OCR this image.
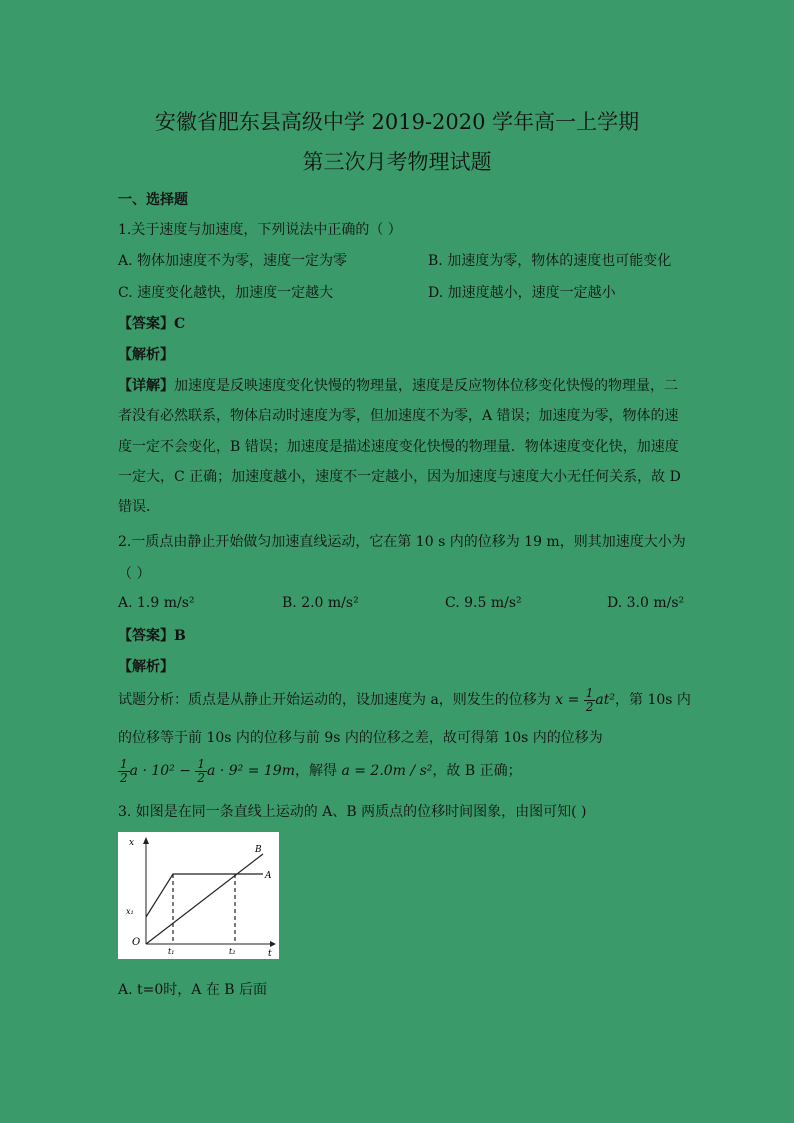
安徽省肥东县高级中学 2019-2020 学年高一上学期
第三次月考物理试题
一、选择题
1.关于速度与加速度，下列说法中正确的（ ）
A. 物体加速度不为零，速度一定为零	B. 加速度为零，物体的速度也可能变化
C. 速度变化越快，加速度一定越大	D. 加速度越小，速度一定越小
【答案】C
【解析】
【详解】加速度是反映速度变化快慢的物理量，速度是反应物体位移变化快慢的物理量，二
者没有必然联系，物体启动时速度为零，但加速度不为零，A 错误；加速度为零，物体的速
度一定不会变化，B 错误；加速度是描述速度变化快慢的物理量．物体速度变化快，加速度
一定大，C 正确；加速度越小，速度不一定越小，因为加速度与速度大小无任何关系，故 D
错误．
2.一质点由静止开始做匀加速直线运动，它在第 10 s 内的位移为 19 m，则其加速度大小为
（ ）
A. 1.9 m/s²	B. 2.0 m/s²	C. 9.5 m/s²	D. 3.0 m/s²
【答案】B
【解析】
试题分析：质点是从静止开始运动的，设加速度为 a，则发生的位移为 $x = \frac{1}{2} at^2$，第 10s 内
的位移等于前 10s 内的位移与前 9s 内的位移之差，故可得第 10s 内的位移为
$\frac{1}{2}$ $a \cdot 10^2 - \frac{1}{2}$ a · 9² = 19m，解得 a = 2.0m / s²，故 B 正确；
3. 如图是在同一条直线上运动的 A、B 两质点的位移时间图象，由图可知( )
x
t
O
x₁
t₁	t₂
A
B
A. t=0时，A 在 B 后面
